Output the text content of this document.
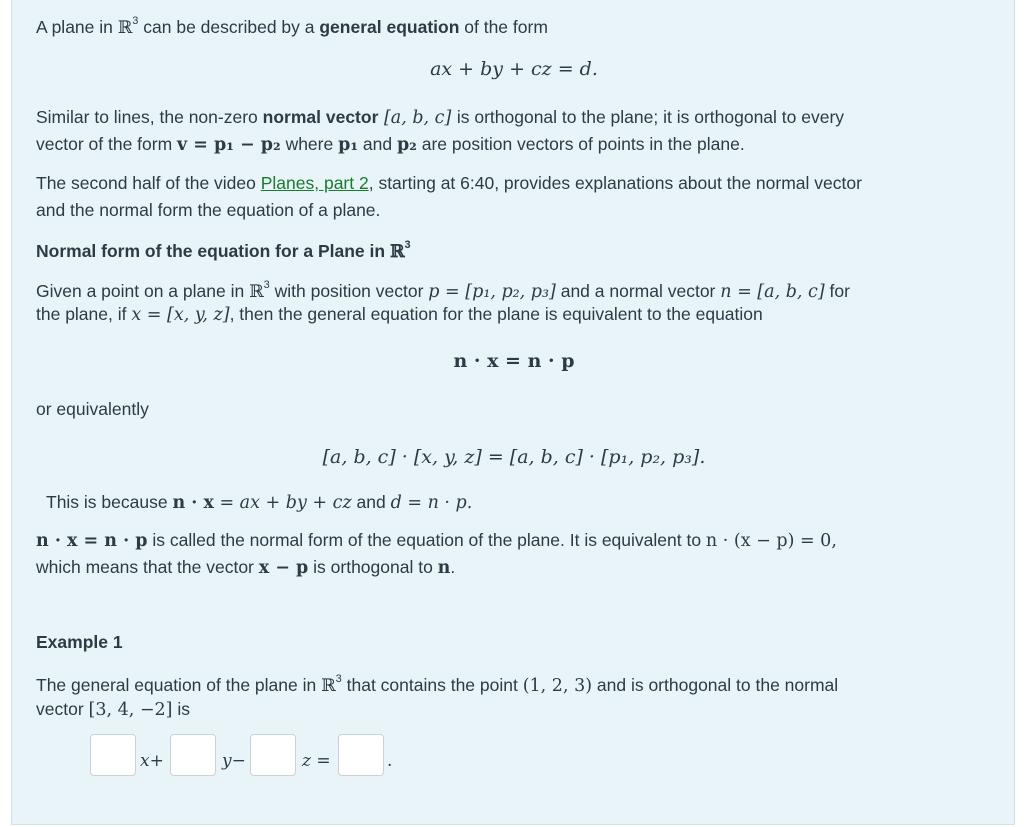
A plane in ℝ$^3$ can be described by a general equation of the form
ax + by + cz = d.
Similar to lines, the non-zero normal vector [a, b, c] is orthogonal to the plane; it is orthogonal to every
vector of the form v = p₁ − p₂ where p₁ and p₂ are position vectors of points in the plane.
The second half of the video Planes, part 2, starting at 6:40, provides explanations about the normal vector
and the normal form the equation of a plane.
Normal form of the equation for a Plane in ℝ$^3$
Given a point on a plane in ℝ$^3$ with position vector p = [p₁, p₂, p₃] and a normal vector n = [a, b, c] for
the plane, if x = [x, y, z], then the general equation for the plane is equivalent to the equation
n · x = n · p
or equivalently
[a, b, c] · [x, y, z] = [a, b, c] · [p₁, p₂, p₃].
This is because n · x = ax + by + cz and d = n · p.
n · x = n · p is called the normal form of the equation of the plane. It is equivalent to n · (x − p) = 0,
which means that the vector x − p is orthogonal to n.
Example 1
The general equation of the plane in ℝ$^3$ that contains the point (1, 2, 3) and is orthogonal to the normal
vector [3, 4, −2] is
x+	y−	z =	.
